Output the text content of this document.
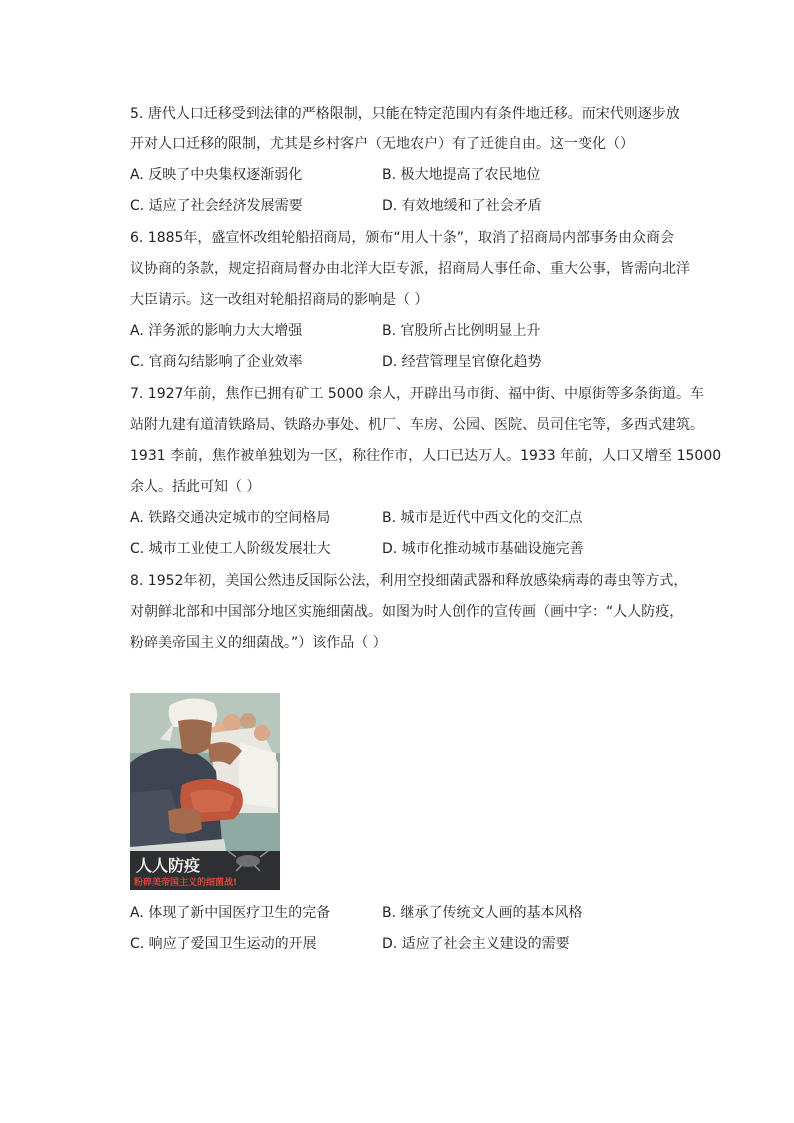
5. 唐代人口迁移受到法律的严格限制，只能在特定范围内有条件地迁移。而宋代则逐步放
开对人口迁移的限制，尤其是乡村客户（无地农户）有了迁徙自由。这一变化（）
A. 反映了中央集权逐渐弱化	B. 极大地提高了农民地位
C. 适应了社会经济发展需要	D. 有效地缓和了社会矛盾
6. 1885年，盛宣怀改组轮船招商局，颁布“用人十条”，取消了招商局内部事务由众商会
议协商的条款，规定招商局督办由北洋大臣专派，招商局人事任命、重大公事，皆需向北洋
大臣请示。这一改组对轮船招商局的影响是（ ）
A. 洋务派的影响力大大增强	B. 官股所占比例明显上升
C. 官商勾结影响了企业效率	D. 经营管理呈官僚化趋势
7. 1927年前，焦作已拥有矿工 5000 余人，开辟出马市街、福中街、中原街等多条街道。车
站附九建有道清铁路局、铁路办事处、机厂、车房、公园、医院、员司住宅等，多西式建筑。
1931 李前，焦作被单独划为一区，称往作市，人口已达万人。1933 年前，人口又增至 15000
余人。括此可知（ ）
A. 铁路交通决定城市的空间格局	B. 城市是近代中西文化的交汇点
C. 城市工业使工人阶级发展壮大	D. 城市化推动城市基础设施完善
8. 1952年初，美国公然违反国际公法，利用空投细菌武器和释放感染病毒的毒虫等方式，
对朝鲜北部和中国部分地区实施细菌战。如图为时人创作的宣传画（画中字：“人人防疫，
粉碎美帝国主义的细菌战。”）该作品（ ）
人人防疫
粉碎美帝国主义的细菌战!
A. 体现了新中国医疗卫生的完备	B. 继承了传统文人画的基本风格
C. 响应了爱国卫生运动的开展	D. 适应了社会主义建设的需要
